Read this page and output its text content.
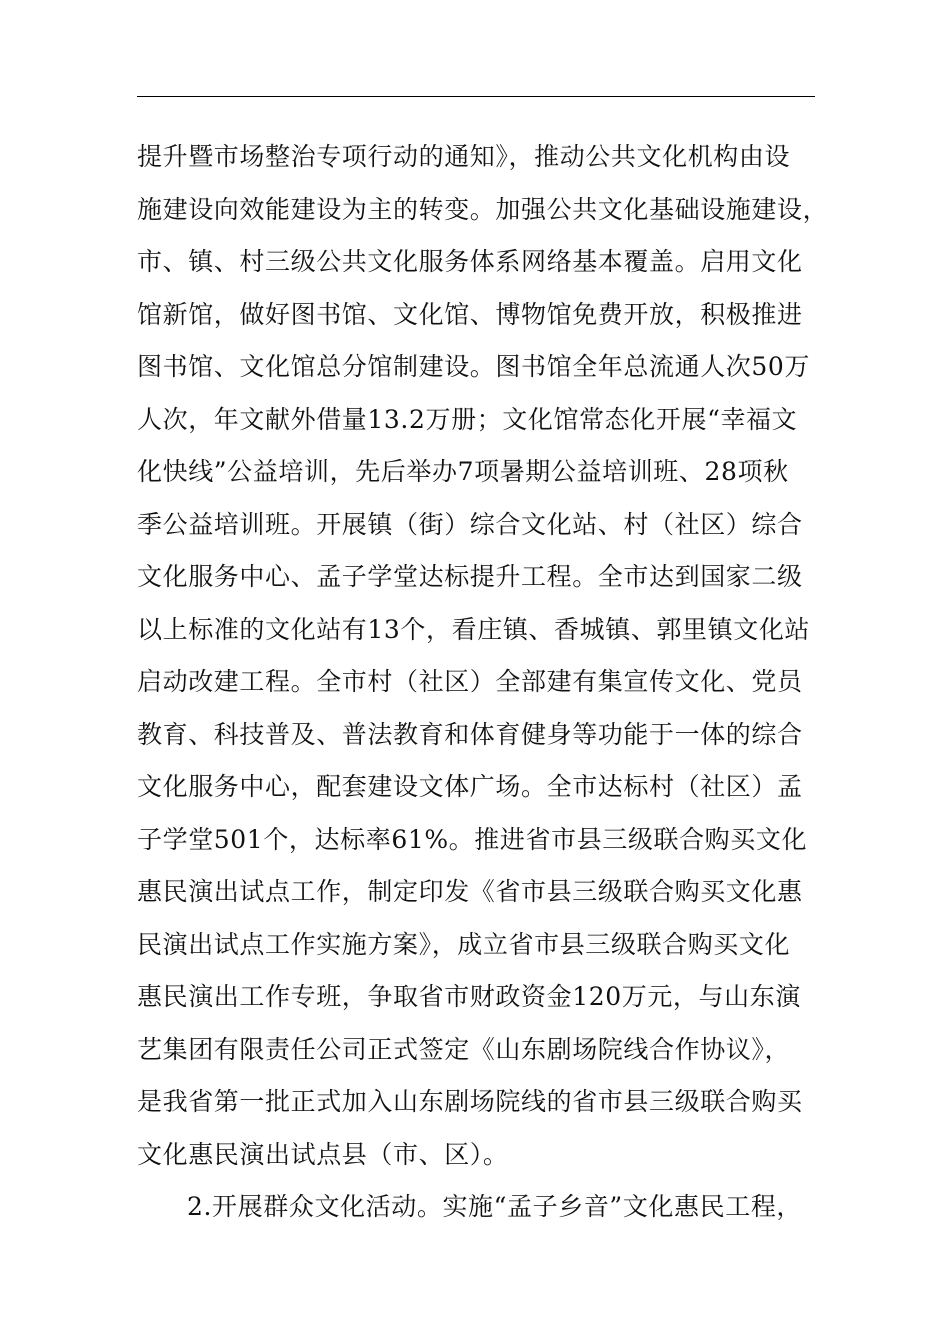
提升暨市场整治专项行动的通知》，推动公共文化机构由设
施建设向效能建设为主的转变。加强公共文化基础设施建设，
市、镇、村三级公共文化服务体系网络基本覆盖。启用文化
馆新馆，做好图书馆、文化馆、博物馆免费开放，积极推进
图书馆、文化馆总分馆制建设。图书馆全年总流通人次50万
人次，年文献外借量13.2万册；文化馆常态化开展“幸福文
化快线”公益培训，先后举办7项暑期公益培训班、28项秋
季公益培训班。开展镇（街）综合文化站、村（社区）综合
文化服务中心、孟子学堂达标提升工程。全市达到国家二级
以上标准的文化站有13个，看庄镇、香城镇、郭里镇文化站
启动改建工程。全市村（社区）全部建有集宣传文化、党员
教育、科技普及、普法教育和体育健身等功能于一体的综合
文化服务中心，配套建设文体广场。全市达标村（社区）孟
子学堂501个，达标率61%。推进省市县三级联合购买文化
惠民演出试点工作，制定印发《省市县三级联合购买文化惠
民演出试点工作实施方案》，成立省市县三级联合购买文化
惠民演出工作专班，争取省市财政资金120万元，与山东演
艺集团有限责任公司正式签定《山东剧场院线合作协议》，
是我省第一批正式加入山东剧场院线的省市县三级联合购买
文化惠民演出试点县（市、区）。
2.开展群众文化活动。实施“孟子乡音”文化惠民工程，
